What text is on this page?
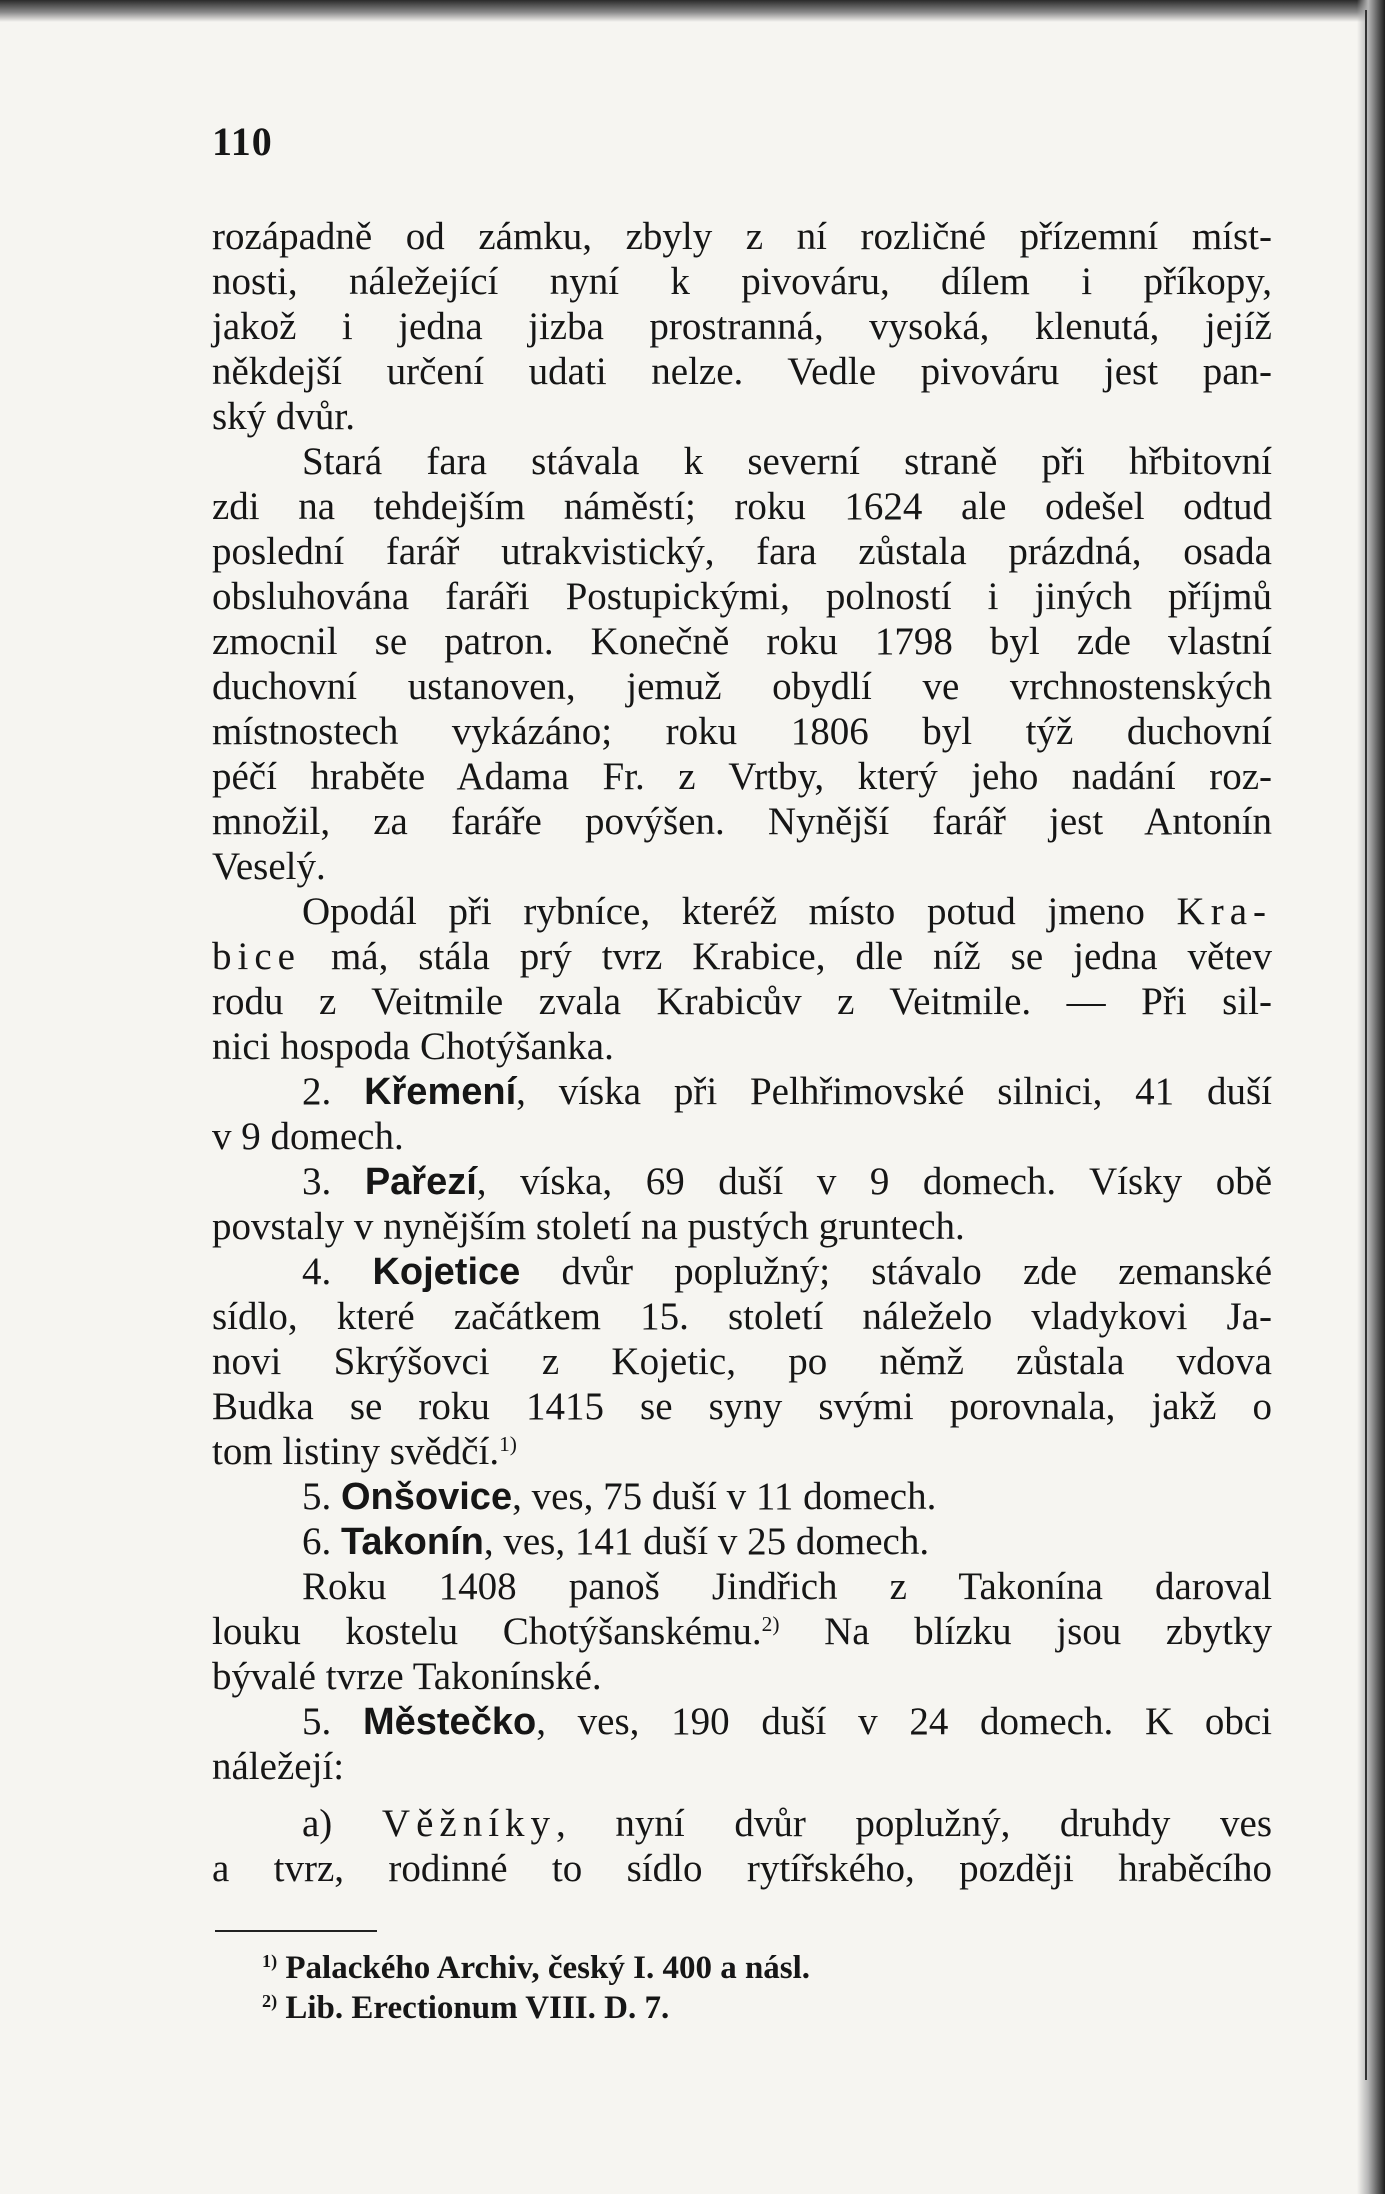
110
rozápadně od zámku, zbyly z ní rozličné přízemní míst-
nosti, náležející nyní k pivováru, dílem i příkopy,
jakož i jedna jizba prostranná, vysoká, klenutá, jejíž
někdejší určení udati nelze. Vedle pivováru jest pan-
ský dvůr.
Stará fara stávala k severní straně při hřbitovní
zdi na tehdejším náměstí; roku 1624 ale odešel odtud
poslední farář utrakvistický, fara zůstala prázdná, osada
obsluhována faráři Postupickými, polností i jiných příjmů
zmocnil se patron. Konečně roku 1798 byl zde vlastní
duchovní ustanoven, jemuž obydlí ve vrchnostenských
místnostech vykázáno; roku 1806 byl týž duchovní
péčí hraběte Adama Fr. z Vrtby, který jeho nadání roz-
množil, za faráře povýšen. Nynější farář jest Antonín
Veselý.
Opodál při rybníce, kteréž místo potud jmeno Kra-
bice má, stála prý tvrz Krabice, dle níž se jedna větev
rodu z Veitmile zvala Krabicův z Veitmile. — Při sil-
nici hospoda Chotýšanka.
2. Křemení, víska při Pelhřimovské silnici, 41 duší
v 9 domech.
3. Pařezí, víska, 69 duší v 9 domech. Vísky obě
povstaly v nynějším století na pustých gruntech.
4. Kojetice dvůr poplužný; stávalo zde zemanské
sídlo, které začátkem 15. století náleželo vladykovi Ja-
novi Skrýšovci z Kojetic, po němž zůstala vdova
Budka se roku 1415 se syny svými porovnala, jakž o
tom listiny svědčí.$^{1)}$
5. Onšovice, ves, 75 duší v 11 domech.
6. Takonín, ves, 141 duší v 25 domech.
Roku 1408 panoš Jindřich z Takonína daroval
louku kostelu Chotýšanskému.$^{2)}$ Na blízku jsou zbytky
bývalé tvrze Takonínské.
5. Městečko, ves, 190 duší v 24 domech. K obci
náležejí:
a) Věžníky, nyní dvůr poplužný, druhdy ves
a tvrz, rodinné to sídlo rytířského, později hraběcího
$^{1)}$ Palackého Archiv, český I. 400 a násl.
$^{2)}$ Lib. Erectionum VIII. D. 7.
